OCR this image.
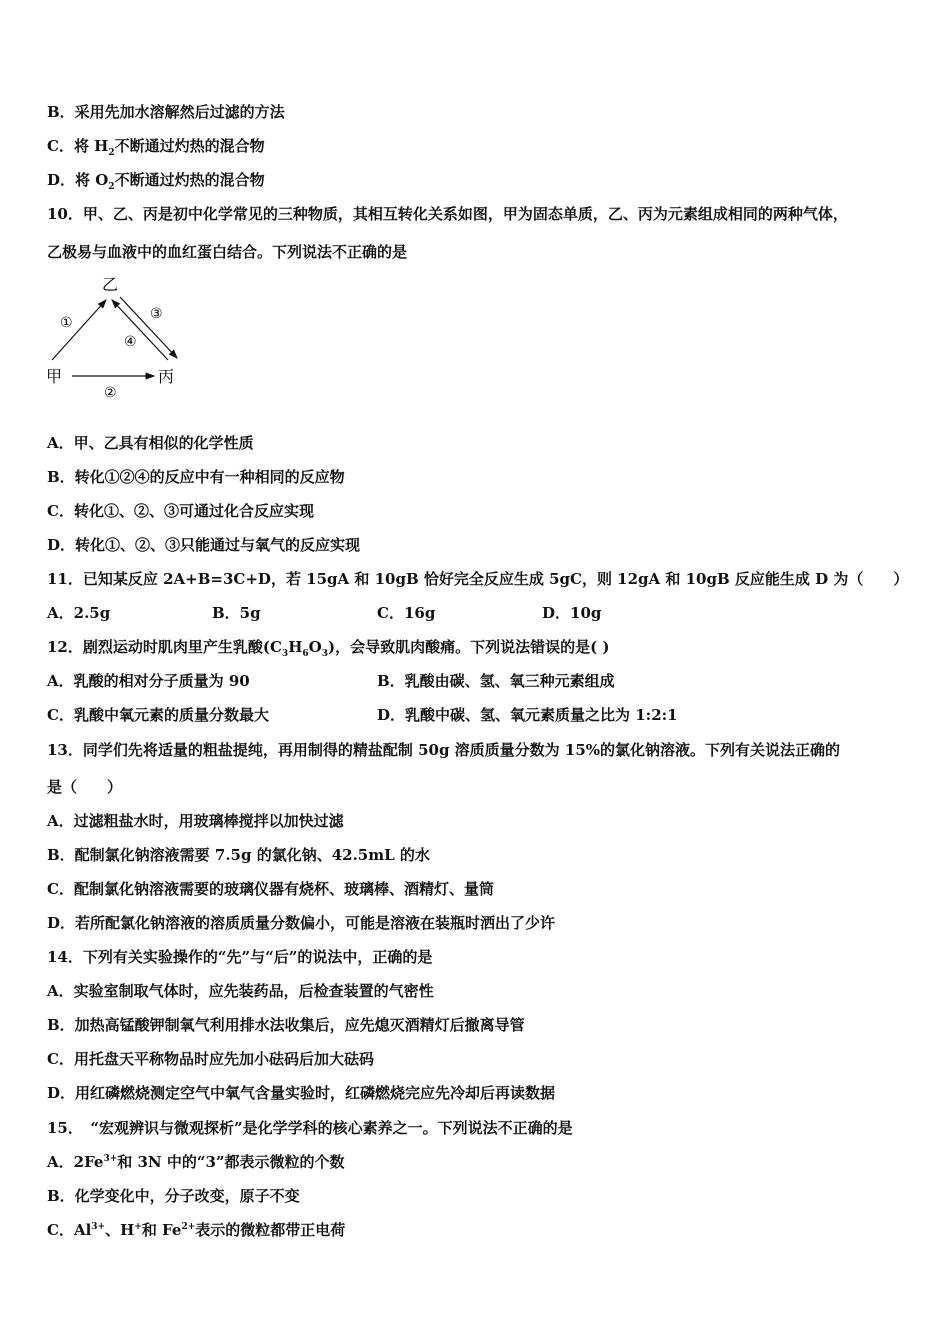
B．采用先加水溶解然后过滤的方法
C．将 $H_2$不断通过灼热的混合物
D．将 $O_2$不断通过灼热的混合物
10．甲、乙、丙是初中化学常见的三种物质，其相互转化关系如图，甲为固态单质，乙、丙为元素组成相同的两种气体，
乙极易与血液中的血红蛋白结合。下列说法不正确的是
乙
甲	丙
①
②
③
④
A．甲、乙具有相似的化学性质
B．转化①②④的反应中有一种相同的反应物
C．转化①、②、③可通过化合反应实现
D．转化①、②、③只能通过与氧气的反应实现
11．已知某反应 2A+B=3C+D，若 15gA 和 10gB 恰好完全反应生成 5gC，则 12gA 和 10gB 反应能生成 D 为（　　）
A．2.5g	B．5g	C．16g	D．10g
12．剧烈运动时肌肉里产生乳酸$(C_3H_6O_3)$，会导致肌肉酸痛。下列说法错误的是( )
A．乳酸的相对分子质量为 90	B．乳酸由碳、氢、氧三种元素组成
C．乳酸中氧元素的质量分数最大	D．乳酸中碳、氢、氧元素质量之比为 1:2:1
13．同学们先将适量的粗盐提纯，再用制得的精盐配制 50g 溶质质量分数为 15%的氯化钠溶液。下列有关说法正确的
是（　　）
A．过滤粗盐水时，用玻璃棒搅拌以加快过滤
B．配制氯化钠溶液需要 7.5g 的氯化钠、42.5mL 的水
C．配制氯化钠溶液需要的玻璃仪器有烧杯、玻璃棒、酒精灯、量筒
D．若所配氯化钠溶液的溶质质量分数偏小，可能是溶液在装瓶时洒出了少许
14．下列有关实验操作的“先”与“后”的说法中，正确的是
A．实验室制取气体时，应先装药品，后检查装置的气密性
B．加热高锰酸钾制氧气利用排水法收集后，应先熄灭酒精灯后撤离导管
C．用托盘天平称物品时应先加小砝码后加大砝码
D．用红磷燃烧测定空气中氧气含量实验时，红磷燃烧完应先冷却后再读数据
15．　“宏观辨识与微观探析”是化学学科的核心素养之一。下列说法不正确的是
A．$2Fe^{3+}$和 3N 中的“3”都表示微粒的个数
B．化学变化中，分子改变，原子不变
C．$Al^{3+}$、H+和 $Fe^{2+}$表示的微粒都带正电荷
